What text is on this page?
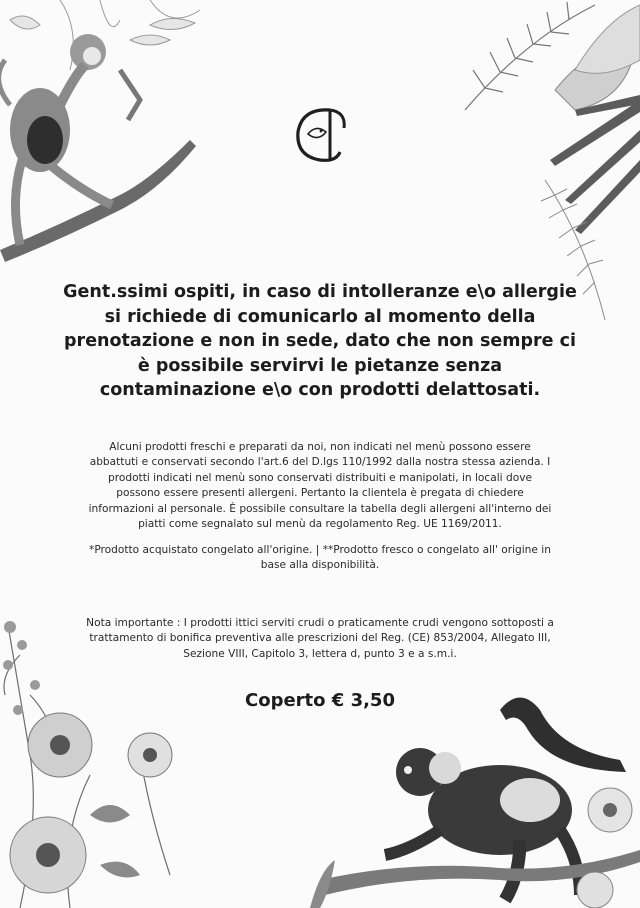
Gent.ssimi ospiti, in caso di intolleranze e\o allergie si richiede di comunicarlo al momento della prenotazione e non in sede, dato che non sempre ci è possibile servirvi le pietanze senza contaminazione e\o con prodotti delattosati.

Alcuni prodotti freschi e preparati da noi, non indicati nel menù possono essere abbattuti e conservati secondo l'art.6 del D.lgs 110/1992 dalla nostra stessa azienda. I prodotti indicati nel menù sono conservati distribuiti e manipolati, in locali dove possono essere presenti allergeni. Pertanto la clientela è pregata di chiedere informazioni al personale. È possibile consultare la tabella degli allergeni all'interno dei piatti come segnalato sul menù da regolamento Reg. UE 1169/2011.

*Prodotto acquistato congelato all'origine. | **Prodotto fresco o congelato all' origine in base alla disponibilità.

Nota importante : I prodotti ittici serviti crudi o praticamente crudi vengono sottoposti a trattamento di bonifica preventiva alle prescrizioni del Reg. (CE) 853/2004, Allegato III, Sezione VIII, Capitolo 3, lettera d, punto 3 e a s.m.i.

Coperto € 3,50
